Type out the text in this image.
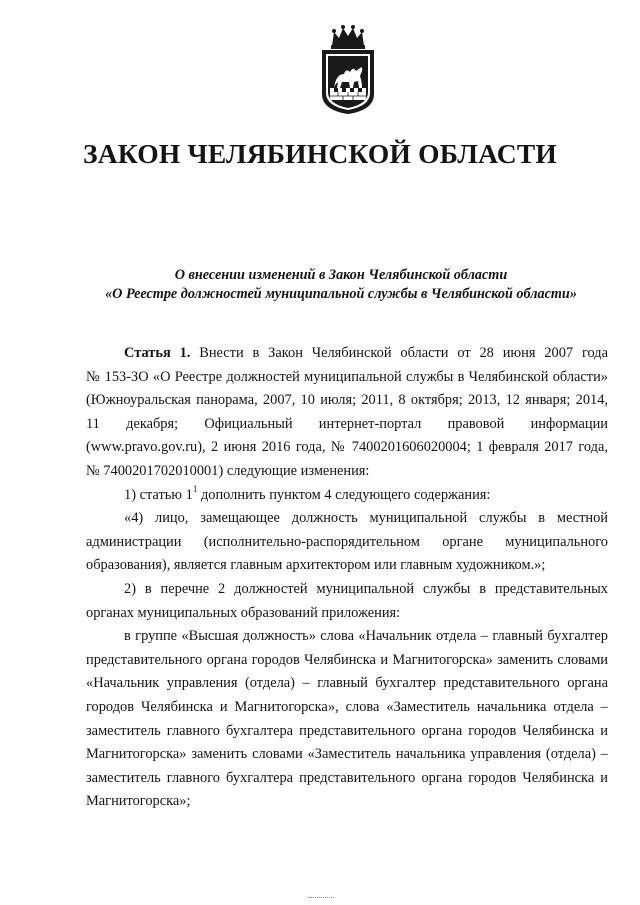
ЗАКОН ЧЕЛЯБИНСКОЙ ОБЛАСТИ
О внесении изменений в Закон Челябинской области
«О Реестре должностей муниципальной службы в Челябинской области»
Статья 1. Внести в Закон Челябинской области от 28 июня 2007 года
№ 153-ЗО «О Реестре должностей муниципальной службы в Челябинской области»
(Южноуральская панорама, 2007, 10 июля; 2011, 8 октября; 2013, 12 января; 2014,
11 декабря; Официальный интернет-портал правовой информации
(www.pravo.gov.ru), 2 июня 2016 года, № 7400201606020004; 1 февраля 2017 года,
№ 7400201702010001) следующие изменения:
1) статью $1^1$ дополнить пунктом 4 следующего содержания:
«4) лицо, замещающее должность муниципальной службы в местной
администрации (исполнительно-распорядительном органе муниципального
образования), является главным архитектором или главным художником.»;
2) в перечне 2 должностей муниципальной службы в представительных
органах муниципальных образований приложения:
в группе «Высшая должность» слова «Начальник отдела – главный бухгалтер
представительного органа городов Челябинска и Магнитогорска» заменить словами
«Начальник управления (отдела) – главный бухгалтер представительного органа
городов Челябинска и Магнитогорска», слова «Заместитель начальника отдела –
заместитель главного бухгалтера представительного органа городов Челябинска и
Магнитогорска» заменить словами «Заместитель начальника управления (отдела) –
заместитель главного бухгалтера представительного органа городов Челябинска и
Магнитогорска»;
